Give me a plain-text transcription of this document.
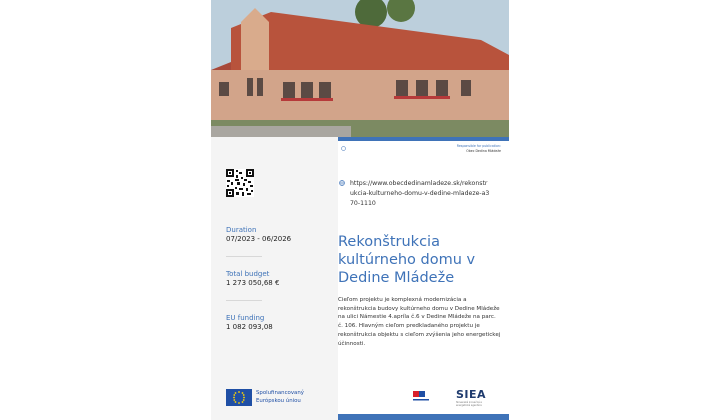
Responsible for publication:
Obec Dedina Mládeže
Duration
07/2023 - 06/2026
Total budget
1 273 050,68 €
EU funding
1 082 093,08
https://www.obecdedinamladeze.sk/rekonstrukcia-kulturneho-domu-v-dedine-mladeze-a370-1110
Rekonštrukcia kultúrneho domu v Dedine Mládeže
Cieľom projektu je komplexná modernizácia a rekonštrukcia budovy kultúrneho domu v Dedine Mládeže na ulici Námestie 4.apríla č.6 v Dedine Mládeže na parc. č. 106. Hlavným cieľom predkladaného projektu je rekonštrukcia objektu s cieľom zvýšenia jeho energetickej účinnosti.
Spolufinancovaný
Európskou úniou	SIEA
Slovenská inovačná a energetická agentúra
